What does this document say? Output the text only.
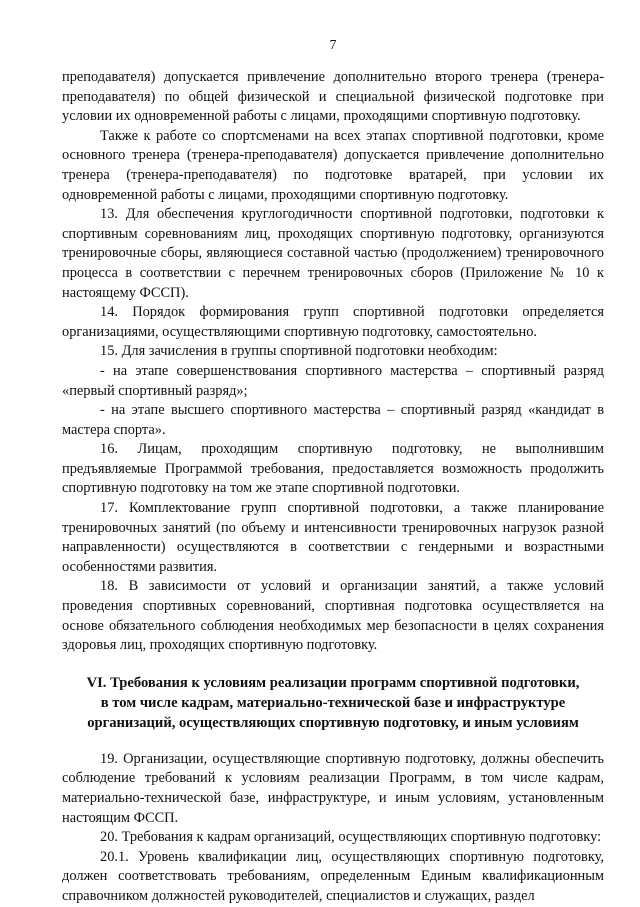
7

преподавателя) допускается привлечение дополнительно второго тренера (тренера-преподавателя) по общей физической и специальной физической подготовке при условии их одновременной работы с лицами, проходящими спортивную подготовку.

Также к работе со спортсменами на всех этапах спортивной подготовки, кроме основного тренера (тренера-преподавателя) допускается привлечение дополнительно тренера (тренера-преподавателя) по подготовке вратарей, при условии их одновременной работы с лицами, проходящими спортивную подготовку.

13. Для обеспечения круглогодичности спортивной подготовки, подготовки к спортивным соревнованиям лиц, проходящих спортивную подготовку, организуются тренировочные сборы, являющиеся составной частью (продолжением) тренировочного процесса в соответствии с перечнем тренировочных сборов (Приложение № 10 к настоящему ФССП).

14. Порядок формирования групп спортивной подготовки определяется организациями, осуществляющими спортивную подготовку, самостоятельно.

15. Для зачисления в группы спортивной подготовки необходим:

- на этапе совершенствования спортивного мастерства – спортивный разряд «первый спортивный разряд»;

- на этапе высшего спортивного мастерства – спортивный разряд «кандидат в мастера спорта».

16. Лицам, проходящим спортивную подготовку, не выполнившим предъявляемые Программой требования, предоставляется возможность продолжить спортивную подготовку на том же этапе спортивной подготовки.

17. Комплектование групп спортивной подготовки, а также планирование тренировочных занятий (по объему и интенсивности тренировочных нагрузок разной направленности) осуществляются в соответствии с гендерными и возрастными особенностями развития.

18. В зависимости от условий и организации занятий, а также условий проведения спортивных соревнований, спортивная подготовка осуществляется на основе обязательного соблюдения необходимых мер безопасности в целях сохранения здоровья лиц, проходящих спортивную подготовку.

VI. Требования к условиям реализации программ спортивной подготовки,
в том числе кадрам, материально-технической базе и инфраструктуре
организаций, осуществляющих спортивную подготовку, и иным условиям

19. Организации, осуществляющие спортивную подготовку, должны обеспечить соблюдение требований к условиям реализации Программ, в том числе кадрам, материально-технической базе, инфраструктуре, и иным условиям, установленным настоящим ФССП.

20. Требования к кадрам организаций, осуществляющих спортивную подготовку:

20.1. Уровень квалификации лиц, осуществляющих спортивную подготовку, должен соответствовать требованиям, определенным Единым квалификационным справочником должностей руководителей, специалистов и служащих, раздел
